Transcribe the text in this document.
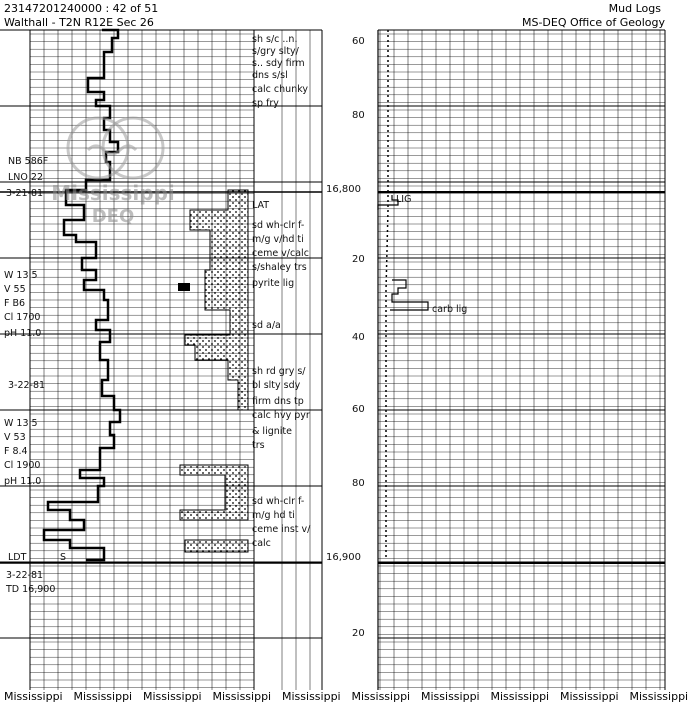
23147201240000 : 42 of 51
Walthall - T2N R12E Sec 26
Mud Logs
MS-DEQ Office of Geology
sh s/c ..n.
s/gry slty/
s.. sdy firm
dns s/sl
calc chunky
sp fry
LAT
sd wh-clr f-
m/g v/hd ti
ceme v/calc
s/shaley trs
pyrite lig
sd a/a
sh rd gry s/
bl slty sdy
firm dns tp
calc hvy pyr
& lignite
trs
sd wh-clr f-
m/g hd ti
ceme inst v/
calc
NB 586F
LNO 22
3-21-81
W 13.5
V 55
F B6
Cl 1700
pH 11.0
3-22-81
W 13.5
V 53
F 8.4
Cl 1900
pH 11.0
LDT	S
3-22-81
TD 16,900
60
80
16,800
20
40
60
80
16,900
20
LIG
carb lig
Mississippi
DEQ
Mississippi Mississippi Mississippi Mississippi Mississippi Mississippi Mississippi Mississippi Mississippi Mississippi
